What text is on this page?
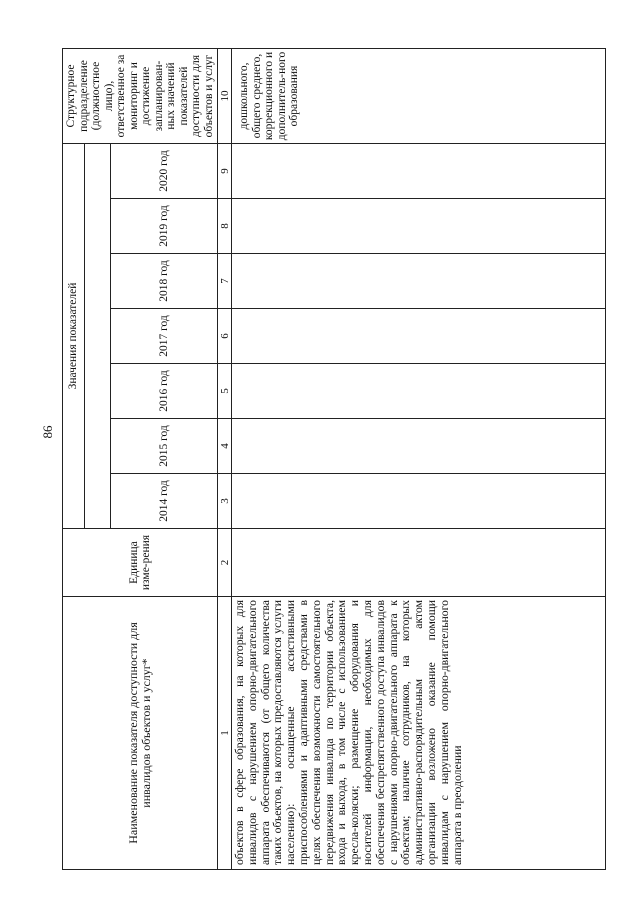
86
Наименование показателя доступности для инвалидов объектов и услуг*	Единица изме-рения	Значения показателей							Структурное подразделение (должностное лицо), ответственное за мониторинг и достижение запланирован-ных значений показателей доступности для объектов и услуг

		2014 год	2015 год	2016 год	2017 год	2018 год	2019 год	2020 год	
1	2	3	4	5	6	7	8	9	10
объектов в сфере образования, на которых для инвалидов с нарушением опорно-двигательного аппарата обеспечиваются (от общего количества таких объектов, на которых предоставляются услуги населению): оснащенные ассистивными приспособлениями и адаптивными средствами в целях обеспечения возможности самостоятельного передвижения инвалида по территории объекта, входа и выхода, в том числе с использованием кресла-коляски; размещение оборудования и носителей информации, необходимых для обеспечения беспрепятственного доступа инвалидов с нарушениями опорно-двигательного аппарата к объектам; наличие сотрудников, на которых административно-распорядительным актом организации возложено оказание помощи инвалидам с нарушением опорно-двигательного аппарата в преодолении									дошкольного, общего среднего, коррекционного и дополнитель-ного образования
